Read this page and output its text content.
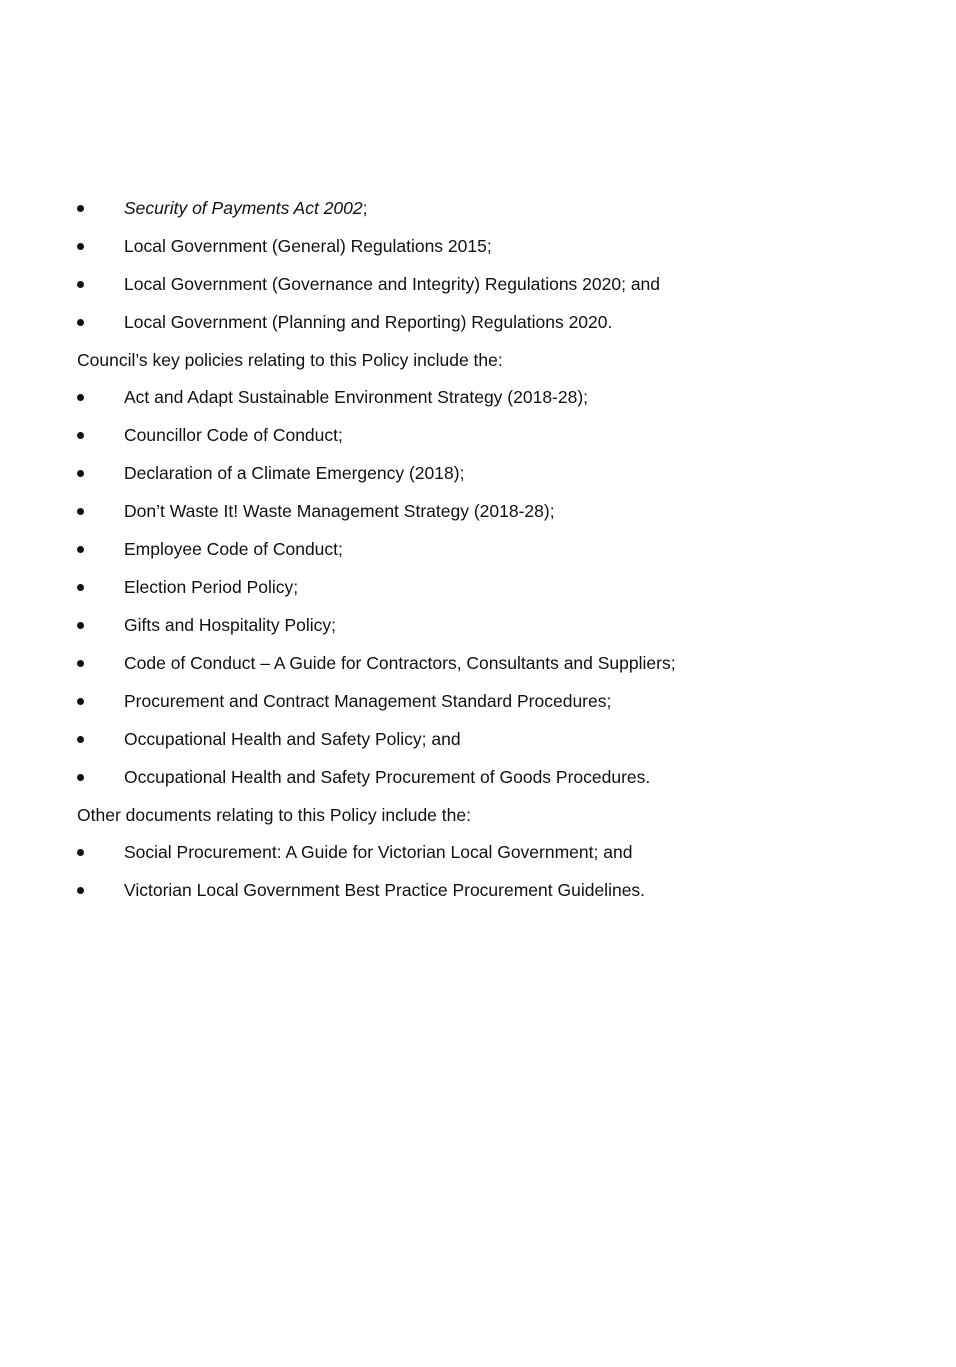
Security of Payments Act 2002;
Local Government (General) Regulations 2015;
Local Government (Governance and Integrity) Regulations 2020; and
Local Government (Planning and Reporting) Regulations 2020.

Council’s key policies relating to this Policy include the:

Act and Adapt Sustainable Environment Strategy (2018-28);
Councillor Code of Conduct;
Declaration of a Climate Emergency (2018);
Don’t Waste It! Waste Management Strategy (2018-28);
Employee Code of Conduct;
Election Period Policy;
Gifts and Hospitality Policy;
Code of Conduct – A Guide for Contractors, Consultants and Suppliers;
Procurement and Contract Management Standard Procedures;
Occupational Health and Safety Policy; and
Occupational Health and Safety Procurement of Goods Procedures.

Other documents relating to this Policy include the:

Social Procurement: A Guide for Victorian Local Government; and
Victorian Local Government Best Practice Procurement Guidelines.
